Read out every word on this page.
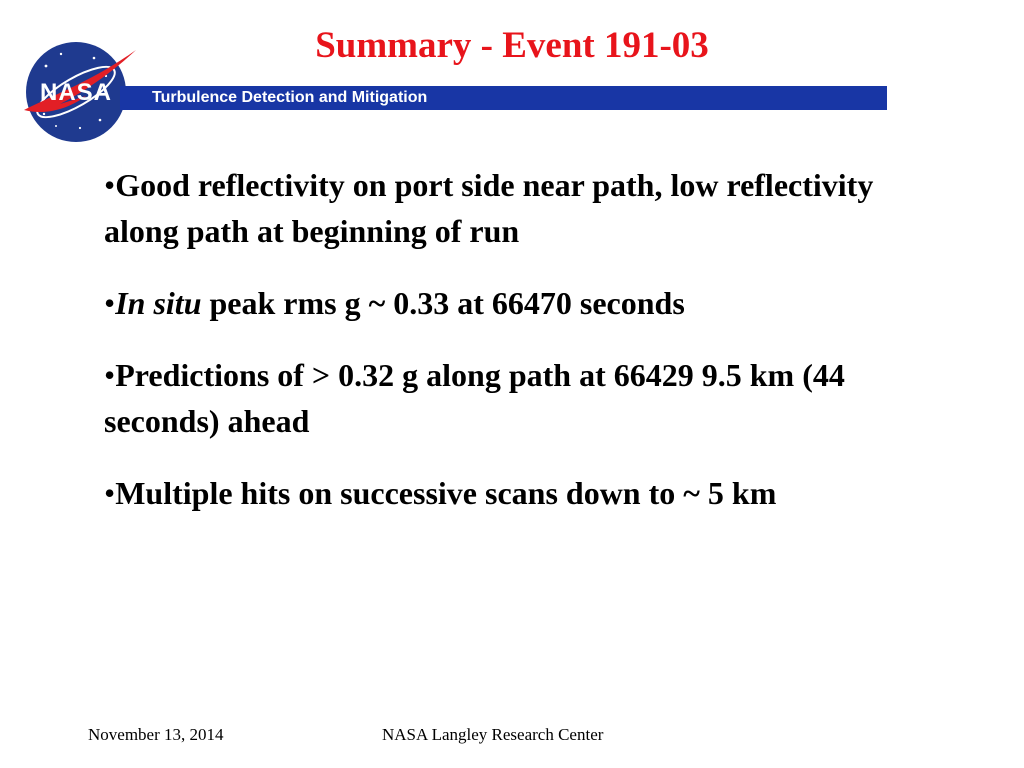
NASA
Summary - Event 191-03
Turbulence Detection and Mitigation
•Good reflectivity on port side near path, low reflectivity along path at beginning of run
•In situ peak rms g ~ 0.33 at 66470 seconds
•Predictions of > 0.32 g along path at 66429 9.5 km (44 seconds) ahead
•Multiple hits on successive scans down to ~ 5 km
November 13, 2014	NASA Langley Research Center
